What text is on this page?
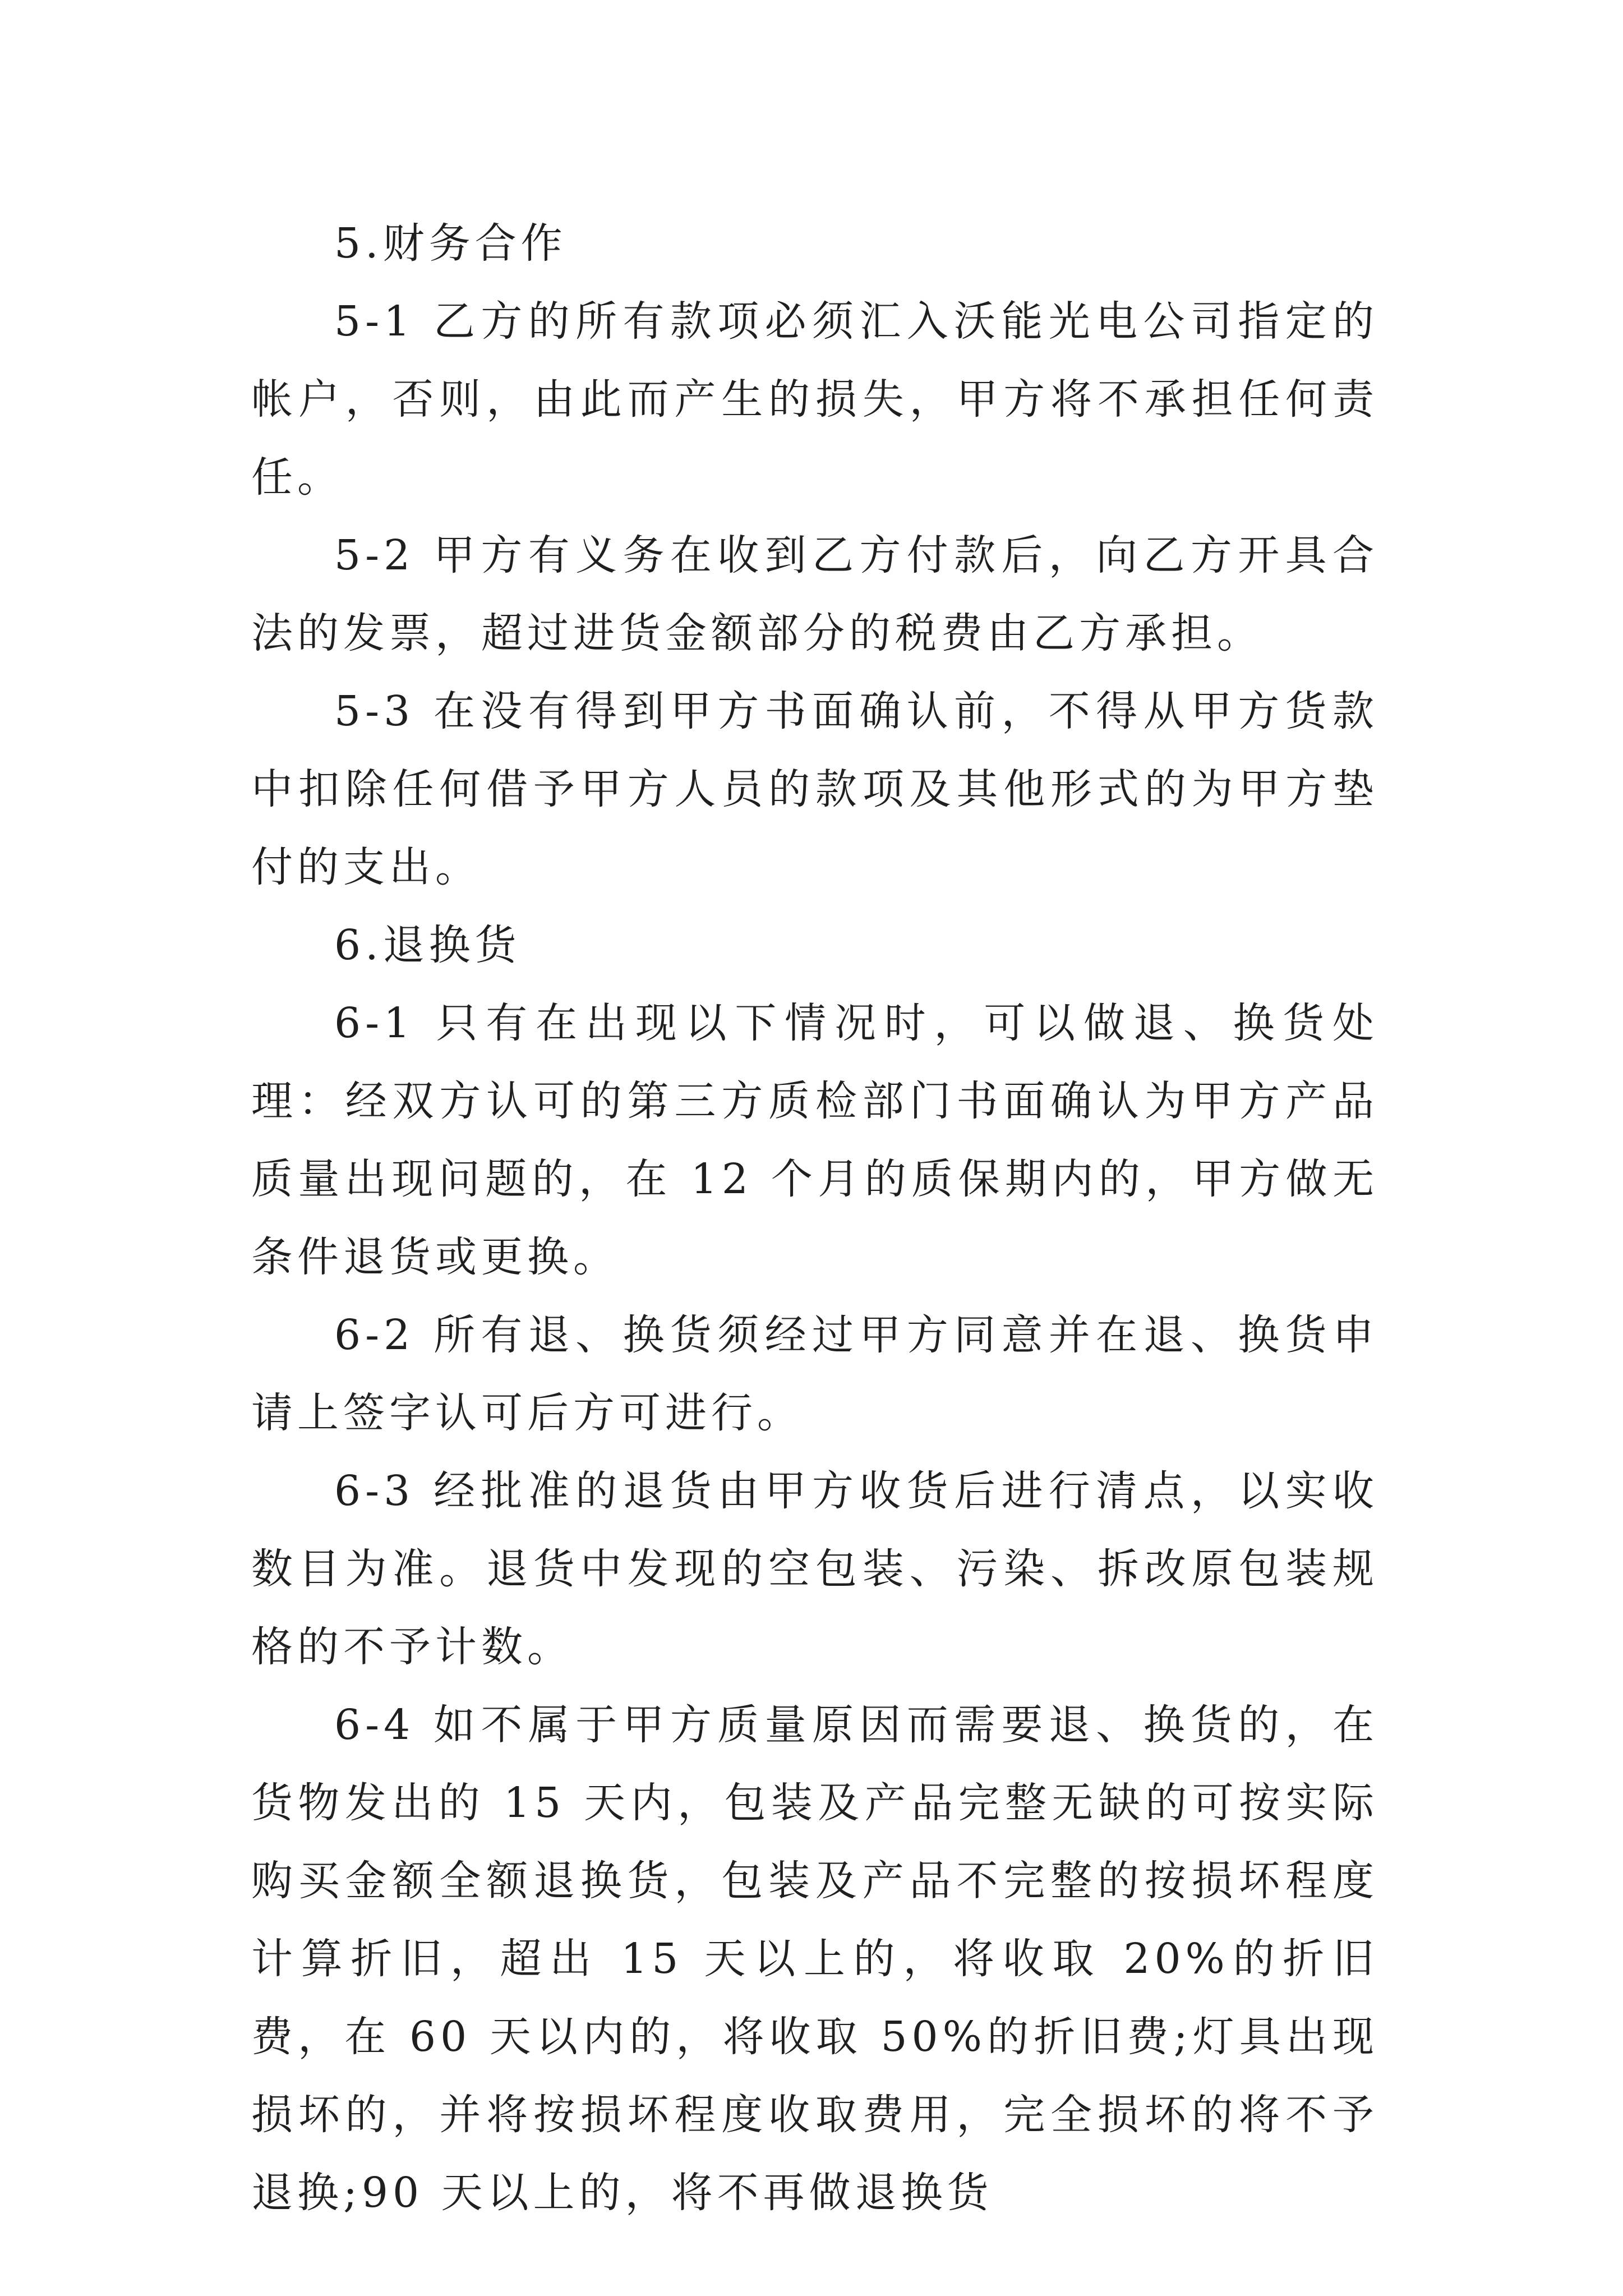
5.财务合作

5-1 乙方的所有款项必须汇入沃能光电公司指定的帐户，否则，由此而产生的损失，甲方将不承担任何责任。

5-2 甲方有义务在收到乙方付款后，向乙方开具合法的发票，超过进货金额部分的税费由乙方承担。

5-3 在没有得到甲方书面确认前，不得从甲方货款中扣除任何借予甲方人员的款项及其他形式的为甲方垫付的支出。

6.退换货

6-1 只有在出现以下情况时，可以做退、换货处理：经双方认可的第三方质检部门书面确认为甲方产品质量出现问题的，在 12 个月的质保期内的，甲方做无条件退货或更换。

6-2 所有退、换货须经过甲方同意并在退、换货申请上签字认可后方可进行。

6-3 经批准的退货由甲方收货后进行清点，以实收数目为准。退货中发现的空包装、污染、拆改原包装规格的不予计数。

6-4 如不属于甲方质量原因而需要退、换货的，在货物发出的 15 天内，包装及产品完整无缺的可按实际购买金额全额退换货，包装及产品不完整的按损坏程度计算折旧，超出 15 天以上的，将收取 20%的折旧费，在 60 天以内的，将收取 50%的折旧费;灯具出现损坏的，并将按损坏程度收取费用，完全损坏的将不予退换;90 天以上的，将不再做退换货
